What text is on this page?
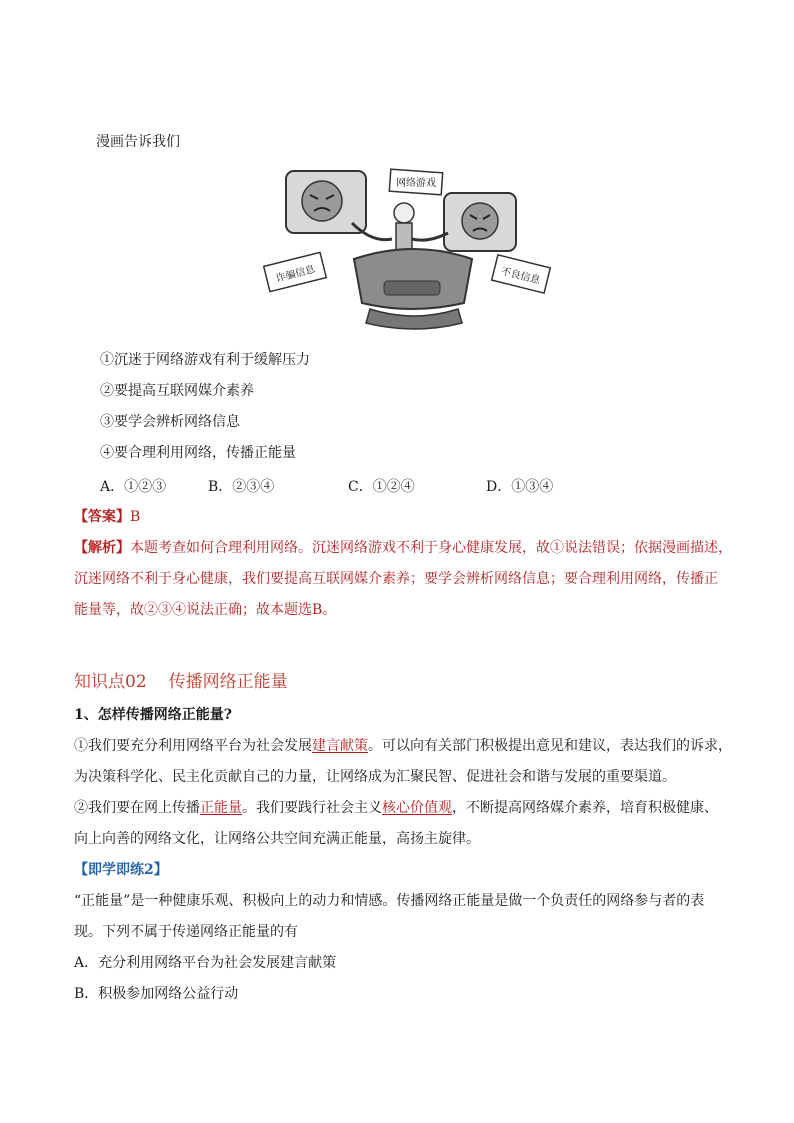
漫画告诉我们
网络游戏
诈骗信息	不良信息
①沉迷于网络游戏有利于缓解压力
②要提高互联网媒介素养
③要学会辨析网络信息
④要合理利用网络，传播正能量
A．①②③	B．②③④	C．①②④	D．①③④
【答案】B
【解析】本题考查如何合理利用网络。沉迷网络游戏不利于身心健康发展，故①说法错误；依据漫画描述，
沉迷网络不利于身心健康，我们要提高互联网媒介素养；要学会辨析网络信息；要合理利用网络，传播正
能量等，故②③④说法正确；故本题选B。
知识点02 传播网络正能量
1、怎样传播网络正能量?
①我们要充分利用网络平台为社会发展建言献策。可以向有关部门积极提出意见和建议，表达我们的诉求，
为决策科学化、民主化贡献自己的力量，让网络成为汇聚民智、促进社会和谐与发展的重要渠道。
②我们要在网上传播正能量。我们要践行社会主义核心价值观，不断提高网络媒介素养，培育积极健康、
向上向善的网络文化，让网络公共空间充满正能量，高扬主旋律。
【即学即练2】
“正能量”是一种健康乐观、积极向上的动力和情感。传播网络正能量是做一个负责任的网络参与者的表
现。下列不属于传递网络正能量的有
A．充分利用网络平台为社会发展建言献策
B．积极参加网络公益行动
